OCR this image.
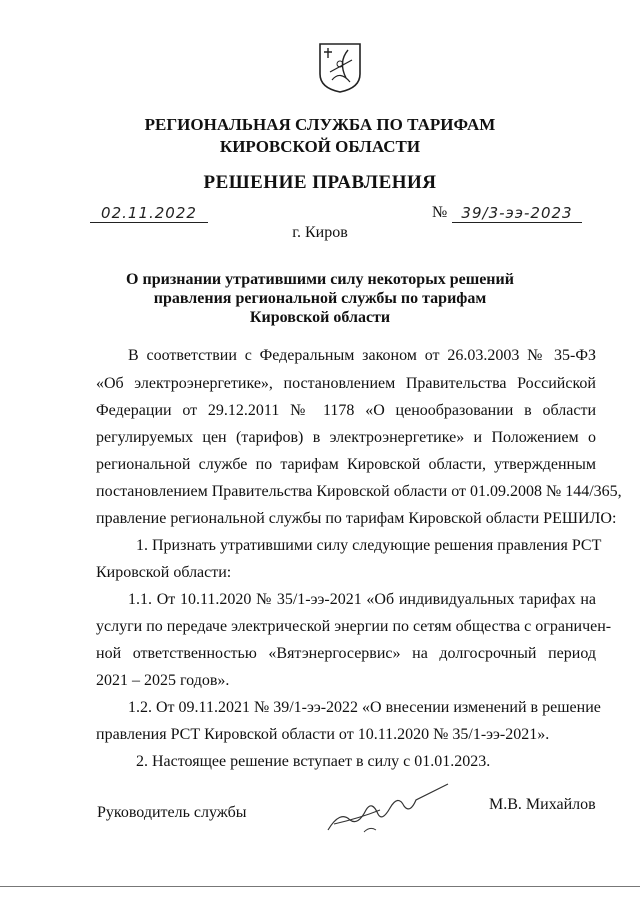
РЕГИОНАЛЬНАЯ СЛУЖБА ПО ТАРИФАМ
КИРОВСКОЙ ОБЛАСТИ
РЕШЕНИЕ ПРАВЛЕНИЯ
02.11.2022	№ 39/3-ээ-2023
г. Киров
О признании утратившими силу некоторых решений
правления региональной службы по тарифам
Кировской области
В соответствии с Федеральным законом от 26.03.2003 № 35-ФЗ
«Об электроэнергетике», постановлением Правительства Российской
Федерации от 29.12.2011 № 1178 «О ценообразовании в области
регулируемых цен (тарифов) в электроэнергетике» и Положением о
региональной службе по тарифам Кировской области, утвержденным
постановлением Правительства Кировской области от 01.09.2008 № 144/365,
правление региональной службы по тарифам Кировской области РЕШИЛО:
1. Признать утратившими силу следующие решения правления РСТ
Кировской области:
1.1. От 10.11.2020 № 35/1-ээ-2021 «Об индивидуальных тарифах на
услуги по передаче электрической энергии по сетям общества с ограничен-
ной ответственностью «Вятэнергосервис» на долгосрочный период
2021 – 2025 годов».
1.2. От 09.11.2021 № 39/1-ээ-2022 «О внесении изменений в решение
правления РСТ Кировской области от 10.11.2020 № 35/1-ээ-2021».
2. Настоящее решение вступает в силу с 01.01.2023.
Руководитель службы	М.В. Михайлов
